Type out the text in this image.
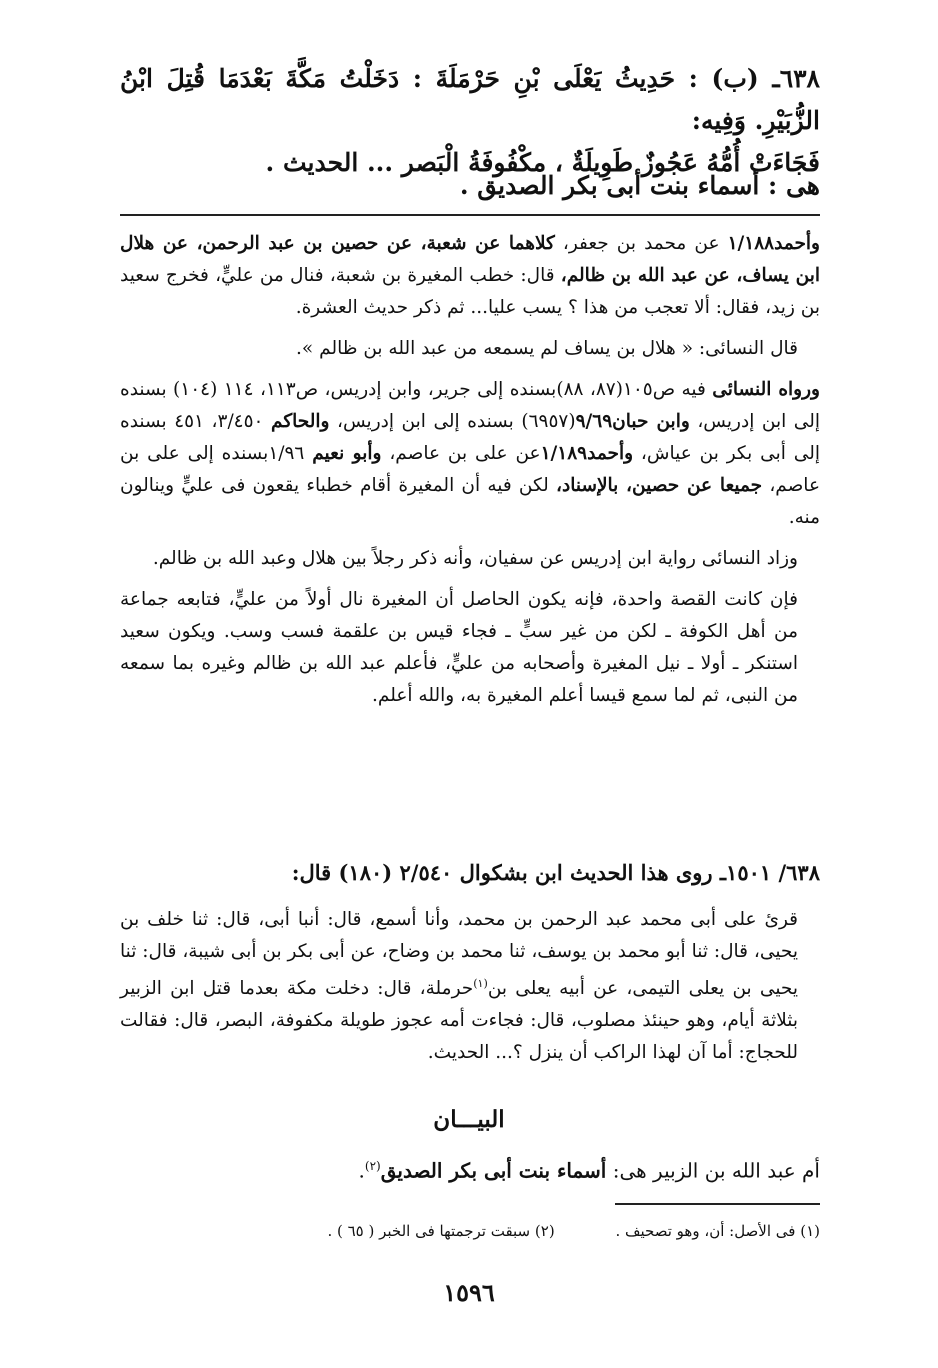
٦٣٨ـ (ب) : حَدِيثُ يَعْلَى بْنِ حَرْمَلَةَ : دَخَلْتُ مَكَّةَ بَعْدَمَا قُتِلَ ابْنُ الزُّبَيْرِ. وَفِيه:
فَجَاءَتْ أُمُّهُ عَجُوزٌ طَوِيلَةٌ ، مكْفُوفَةُ الْبَصر ... الحديث .
هى : أسماء بنت أبى بكر الصديق .

وأحمد١/١٨٨ عن محمد بن جعفر، كلاهما عن شعبة، عن حصين بن عبد الرحمن، عن هلال ابن يساف، عن عبد الله بن ظالم، قال: خطب المغيرة بن شعبة، فنال من عليٍّ، فخرج سعيد بن زيد، فقال: ألا تعجب من هذا ؟ يسب عليا... ثم ذكر حديث العشرة.

قال النسائى: « هلال بن يساف لم يسمعه من عبد الله بن ظالم ».

ورواه النسائى فيه ص١٠٥(٨٧، ٨٨)بسنده إلى جرير، وابن إدريس، ص١١٣، ١١٤ (١٠٤) بسنده إلى ابن إدريس، وابن حبان٩/٦٩(٦٩٥٧) بسنده إلى ابن إدريس، والحاكم ٣/٤٥٠، ٤٥١ بسنده إلى أبى بكر بن عياش، وأحمد١/١٨٩عن على بن عاصم، وأبو نعيم ١/٩٦بسنده إلى على بن عاصم، جميعا عن حصين، بالإسناد، لكن فيه أن المغيرة أقام خطباء يقعون فى عليٍّ وينالون منه.

وزاد النسائى رواية ابن إدريس عن سفيان، وأنه ذكر رجلاً بين هلال وعبد الله بن ظالم.

فإن كانت القصة واحدة، فإنه يكون الحاصل أن المغيرة نال أولاً من عليٍّ، فتابعه جماعة من أهل الكوفة ـ لكن من غير سبٍّ ـ فجاء قيس بن علقمة فسب وسب. ويكون سعيد استنكر ـ أولا ـ نيل المغيرة وأصحابه من عليٍّ، فأعلم عبد الله بن ظالم وغيره بما سمعه من النبى، ثم لما سمع قيسا أعلم المغيرة به، والله أعلم.

٦٣٨/ ١٥٠١ـ روى هذا الحديث ابن بشكوال ٢/٥٤٠ (١٨٠) قال:

قرئ على أبى محمد عبد الرحمن بن محمد، وأنا أسمع، قال: أنبا أبى، قال: ثنا خلف بن يحيى، قال: ثنا أبو محمد بن يوسف، ثنا محمد بن وضاح، عن أبى بكر بن أبى شيبة، قال: ثنا يحيى بن يعلى التيمى، عن أبيه يعلى بن$^{(١)}$حرملة، قال: دخلت مكة بعدما قتل ابن الزبير بثلاثة أيام، وهو حينئذ مصلوب، قال: فجاءت أمه عجوز طويلة مكفوفة، البصر، قال: فقالت للحجاج: أما آن لهذا الراكب أن ينزل ؟... الحديث.

البيـــان
أم عبد الله بن الزبير هى: أسماء بنت أبى بكر الصديق$^{(٢)}$.
(١) فى الأصل: أن، وهو تصحيف . (٢) سبقت ترجمتها فى الخبر ( ٦٥ ) .
١٥٩٦
